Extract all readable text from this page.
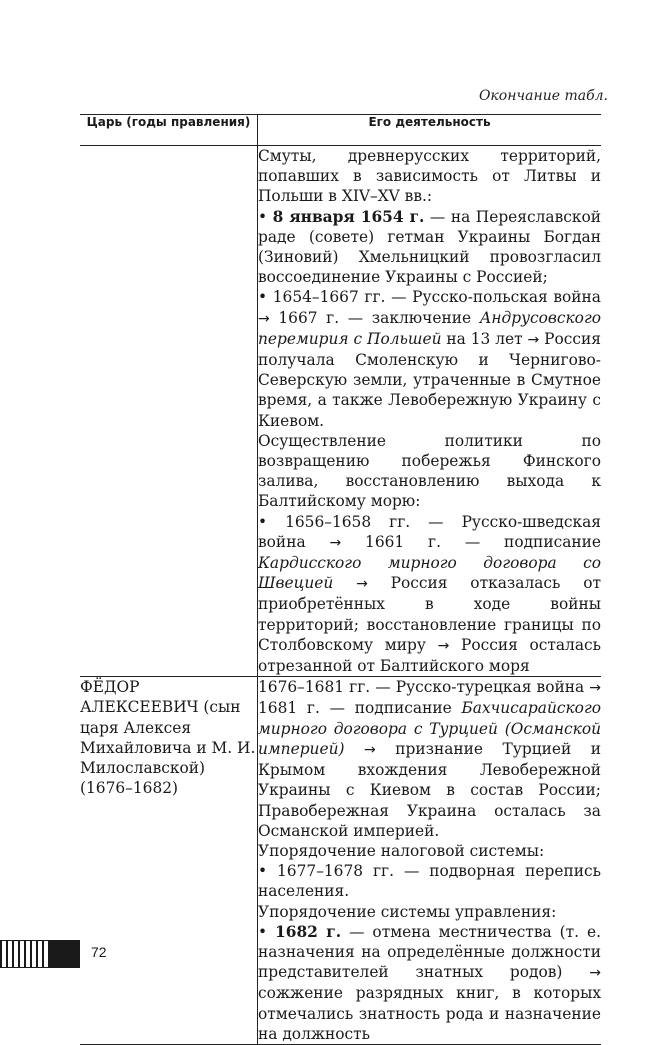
Окончание табл.
Царь (годы правления)	Его деятельность

	Смуты, древнерусских территорий, попавших в зависимость от Литвы и Польши в XIV–XV вв.:

• 8 января 1654 г. — на Переяславской раде (совете) гетман Украины Богдан (Зиновий) Хмельницкий провозгласил воссоединение Украины с Россией;

• 1654–1667 гг. — Русско-польская война → 1667 г. — заключение Андрусовского перемирия с Польшей на 13 лет → Россия получала Смоленскую и Чернигово-Северскую земли, утраченные в Смутное время, а также Левобережную Украину с Киевом.

Осуществление политики по возвращению побережья Финского залива, восстановлению выхода к Балтийскому морю:

• 1656–1658 гг. — Русско-шведская война → 1661 г. — подписание Кардисского мирного договора со Швецией → Россия отказалась от приобретённых в ходе войны территорий; восстановление границы по Столбовскому миру → Россия осталась отрезанной от Балтийского моря

ФЁДОР АЛЕКСЕЕВИЧ (сын царя Алексея Михайловича и М. И. Милославской) (1676–1682)	1676–1681 гг. — Русско-турецкая война → 1681 г. — подписание Бахчисарайского мирного договора с Турцией (Османской империей) → признание Турцией и Крымом вхождения Левобережной Украины с Киевом в состав России; Правобережная Украина осталась за Османской империей.

Упорядочение налоговой системы:

• 1677–1678 гг. — подворная перепись населения.

Упорядочение системы управления:

• 1682 г. — отмена местничества (т. е. назначения на определённые должности представителей знатных родов) → сожжение разрядных книг, в которых отмечались знатность рода и назначение на должность

72
